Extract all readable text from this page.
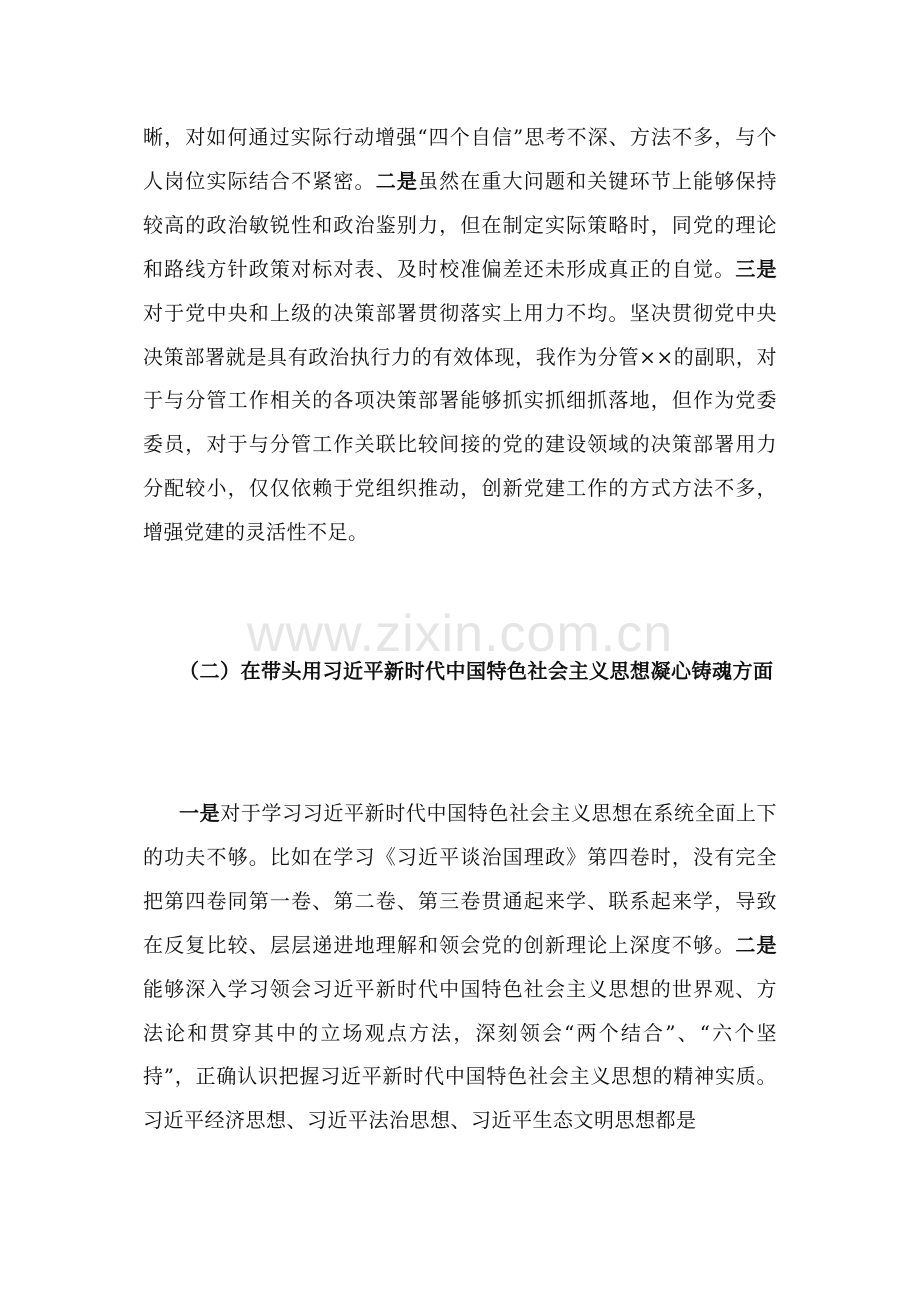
晰，对如何通过实际行动增强“四个自信”思考不深、方法不多，与个人岗位实际结合不紧密。二是虽然在重大问题和关键环节上能够保持较高的政治敏锐性和政治鉴别力，但在制定实际策略时，同党的理论和路线方针政策对标对表、及时校准偏差还未形成真正的自觉。三是对于党中央和上级的决策部署贯彻落实上用力不均。坚决贯彻党中央决策部署就是具有政治执行力的有效体现，我作为分管××的副职，对于与分管工作相关的各项决策部署能够抓实抓细抓落地，但作为党委委员，对于与分管工作关联比较间接的党的建设领域的决策部署用力分配较小，仅仅依赖于党组织推动，创新党建工作的方式方法不多，增强党建的灵活性不足。

www.zixin.com.cn
（二）在带头用习近平新时代中国特色社会主义思想凝心铸魂方面

一是对于学习习近平新时代中国特色社会主义思想在系统全面上下的功夫不够。比如在学习《习近平谈治国理政》第四卷时，没有完全把第四卷同第一卷、第二卷、第三卷贯通起来学、联系起来学，导致在反复比较、层层递进地理解和领会党的创新理论上深度不够。二是能够深入学习领会习近平新时代中国特色社会主义思想的世界观、方法论和贯穿其中的立场观点方法，深刻领会“两个结合”、“六个坚持”，正确认识把握习近平新时代中国特色社会主义思想的精神实质。习近平经济思想、习近平法治思想、习近平生态文明思想都是
